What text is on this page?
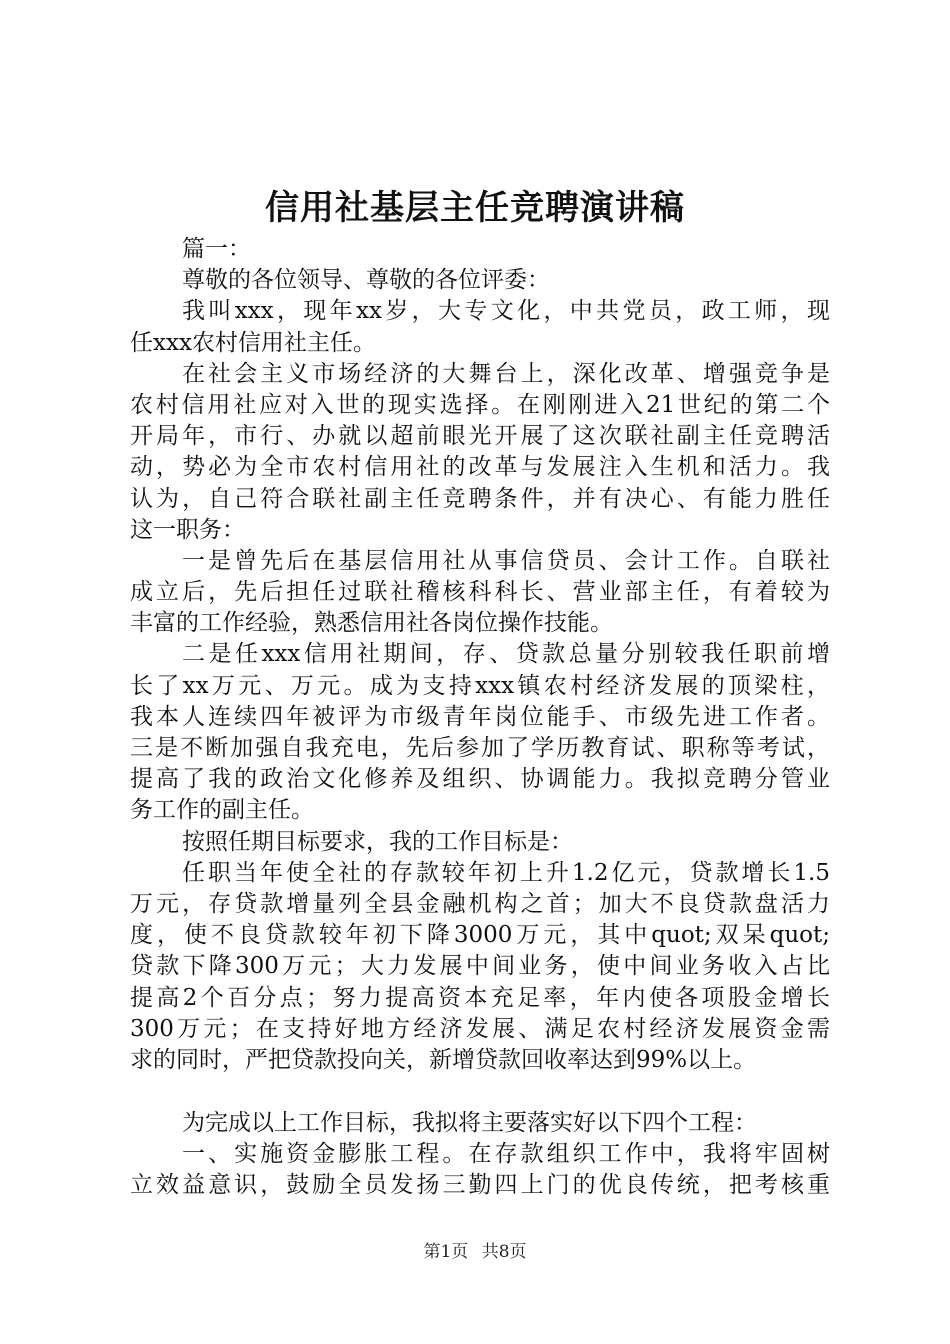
信用社基层主任竞聘演讲稿
篇一：
尊敬的各位领导、尊敬的各位评委：
我叫xxx，现年xx岁，大专文化，中共党员，政工师，现
任xxx农村信用社主任。
在社会主义市场经济的大舞台上，深化改革、增强竞争是
农村信用社应对入世的现实选择。在刚刚进入21世纪的第二个
开局年，市行、办就以超前眼光开展了这次联社副主任竞聘活
动，势必为全市农村信用社的改革与发展注入生机和活力。我
认为，自己符合联社副主任竞聘条件，并有决心、有能力胜任
这一职务：
一是曾先后在基层信用社从事信贷员、会计工作。自联社
成立后，先后担任过联社稽核科科长、营业部主任，有着较为
丰富的工作经验，熟悉信用社各岗位操作技能。
二是任xxx信用社期间，存、贷款总量分别较我任职前增
长了xx万元、万元。成为支持xxx镇农村经济发展的顶梁柱，
我本人连续四年被评为市级青年岗位能手、市级先进工作者。
三是不断加强自我充电，先后参加了学历教育试、职称等考试，
提高了我的政治文化修养及组织、协调能力。我拟竞聘分管业
务工作的副主任。
按照任期目标要求，我的工作目标是：
任职当年使全社的存款较年初上升1.2亿元，贷款增长1.5
万元，存贷款增量列全县金融机构之首；加大不良贷款盘活力
度，使不良贷款较年初下降3000万元，其中quot;双呆quot;
贷款下降300万元；大力发展中间业务，使中间业务收入占比
提高2个百分点；努力提高资本充足率，年内使各项股金增长
300万元；在支持好地方经济发展、满足农村经济发展资金需
求的同时，严把贷款投向关，新增贷款回收率达到99%以上。
为完成以上工作目标，我拟将主要落实好以下四个工程：
一、实施资金膨胀工程。在存款组织工作中，我将牢固树
立效益意识，鼓励全员发扬三勤四上门的优良传统，把考核重
第1页 共8页
